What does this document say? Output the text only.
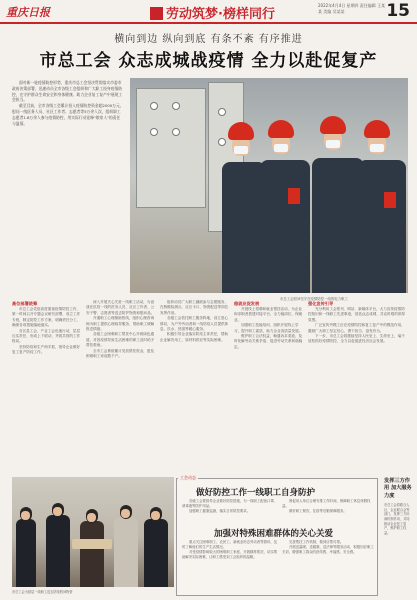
重庆日报	劳动筑梦·榜样同行
2022年4月4日 星期四 责任编辑 王某某 美编 吴某某	15
横向到边 纵向到底 有条不紊 有序推进
市总工会 众志成城战疫情 全力以赴促复产

面对新一轮疫情防控形势，重庆市总工会坚决贯彻落实市委市政府决策部署，迅速动员全市各级工会组织和广大职工投身疫情防控，在守护群众生命安全和身体健康、助力企业复工复产中展现工会担当。

截至目前，全市各级工会累计投入疫情防控资金超2000万元，慰问一线医务人员、社区工作者、志愿者等5万余人次，组织职工志愿者1.8万余人参与疫情防控，用实际行动诠释"娘家人"的责任与温情。

市总工会慰问坚守在疫情防控一线的电力职工

高位部署统筹

市总工会党组高度重视疫情防控工作，第一时间召开专题会议研究部署，成立工作专班，制定防控工作方案，明确责任分工，确保各项措施落地落实。

各区县工会、产业工会迅速行动，层层压实责任，形成上下联动、齐抓共管的工作格局。

坚持防疫和生产两手抓，指导企业做好复工复产防疫工作。

深入开展关心关爱一线职工活动，为奋战在抗疫一线的医务人员、社区工作者、公安干警、志愿者等送去防护物资和慰问品。

开通职工心理援助热线，组织心理咨询师为职工提供心理疏导服务，帮助职工缓解焦虑情绪。

各级工会困难职工帮扶中心开辟绿色通道，对因疫情导致生活困难的职工及时给予帮扶救助。

全市工会系统累计发放帮扶资金，惠及困难职工家庭数千户。

组织动员广大职工踊跃参与志愿服务，在核酸检测点、社区卡口、物资配送等岗位发挥作用。

各级工会依托职工服务阵地，设立爱心驿站，为户外劳动者和一线防疫人员提供休息、饮水、热饭等暖心服务。

积极引导企业落实防疫主体责任，帮助企业解决用工、原材料供应等实际困难。

稳就业促发展

开展线上招聘和就业帮扶活动，为企业和求职者搭建对接平台，全力稳岗位、保就业。

加强职工技能培训，组织开展线上学习，提升职工素质，助力企业高质量发展。

维护职工合法权益，畅通诉求渠道，及时化解劳动关系矛盾，促进劳动关系和谐稳定。

强化宣传引导

充分利用工会报刊、网站、新媒体平台，大力宣传疫情防控知识和一线职工先进事迹，营造众志成城、共克时艰的浓厚氛围。

广泛宣传劳模工匠在疫情防控和复工复产中的模范作用，激励广大职工坚定信心、勇于担当、奋发有为。

下一步，市总工会将继续坚持人民至上、生命至上，毫不放松抓好疫情防控，全力以赴促进经济社会发展。

市总工会为基层一线职工送去防疫慰问物资
工会动态
做好防控工作一线职工自身防护

各级工会要指导企业做好防控措施，为一线职工配备口罩、消毒液等防护用品。

加强职工健康监测，落实日常防控要求。

督促用人单位合理安排工作时间，保障职工休息休假权益。

做好职工餐饮、住宿等后勤保障服务。

加强对特殊困难群体的关心关爱

重点关注困难职工、农民工、新就业形态劳动者等群体，及时了解他们的生产生活情况。

对受疫情影响较大的困难职工家庭，开展精准帮扶，切实帮助解决实际困难，让职工感受到工会组织的温暖。

完善帮扶工作机制，做到应帮尽帮。

开展送温暖、送健康、送法律等服务活动，积极回应职工关切，增强职工群众的获得感、幸福感、安全感。

发挥三方作用 加大服务力度
市总工会将联合人社、企业联合会等部门，发挥三方协商机制作用，共同推动企业复工复产，维护职工权益。
